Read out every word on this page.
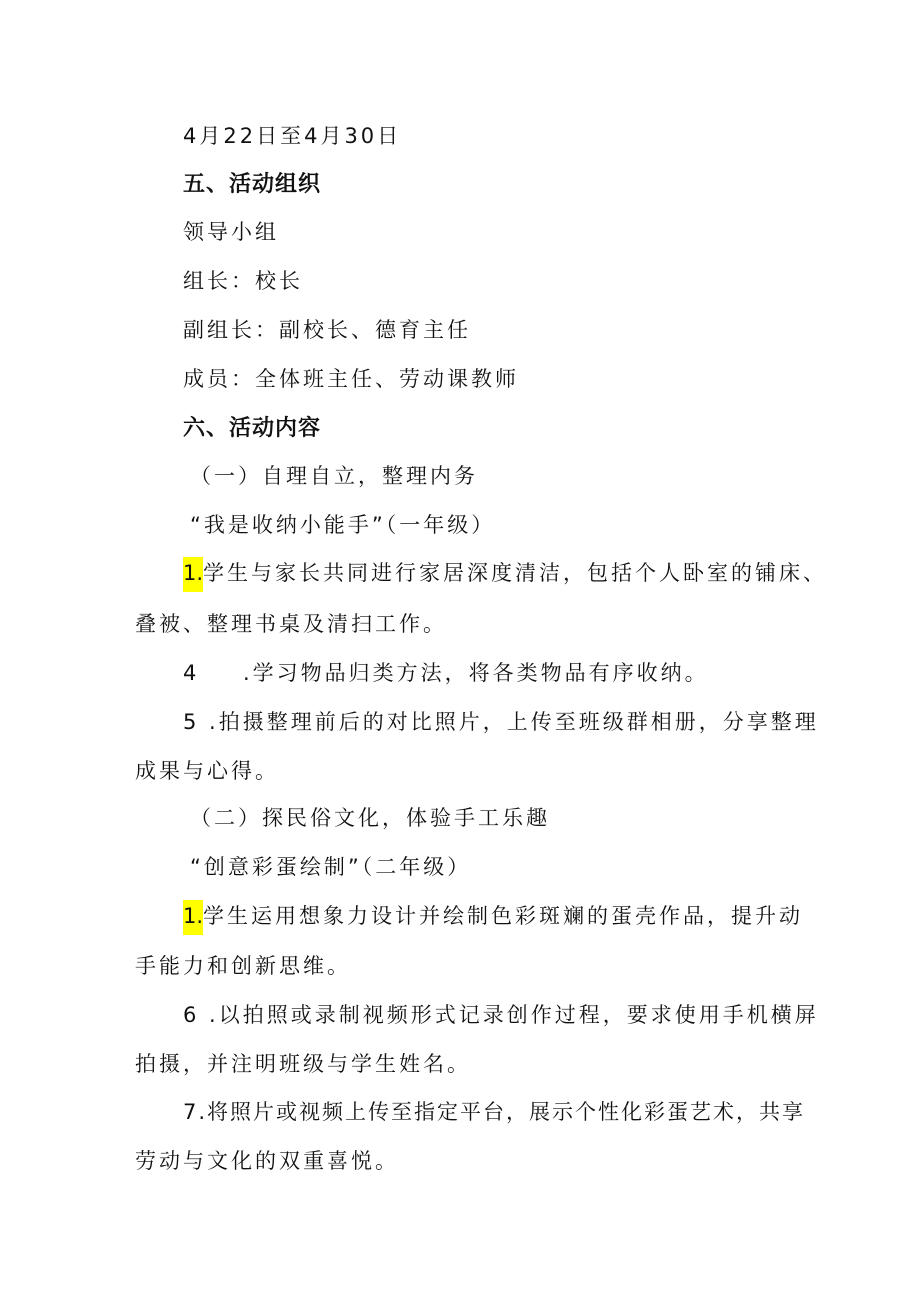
4月22日至4月30日
五、活动组织
领导小组
组长：校长
副组长：副校长、德育主任
成员：全体班主任、劳动课教师
六、活动内容
（一）自理自立，整理内务
“我是收纳小能手”（一年级）
1.学生与家长共同进行家居深度清洁，包括个人卧室的铺床、
叠被、整理书桌及清扫工作。
4 .学习物品归类方法，将各类物品有序收纳。
5 .拍摄整理前后的对比照片，上传至班级群相册，分享整理
成果与心得。
（二）探民俗文化，体验手工乐趣
“创意彩蛋绘制”（二年级）
1.学生运用想象力设计并绘制色彩斑斓的蛋壳作品，提升动
手能力和创新思维。
6 .以拍照或录制视频形式记录创作过程，要求使用手机横屏
拍摄，并注明班级与学生姓名。
7.将照片或视频上传至指定平台，展示个性化彩蛋艺术，共享
劳动与文化的双重喜悦。
